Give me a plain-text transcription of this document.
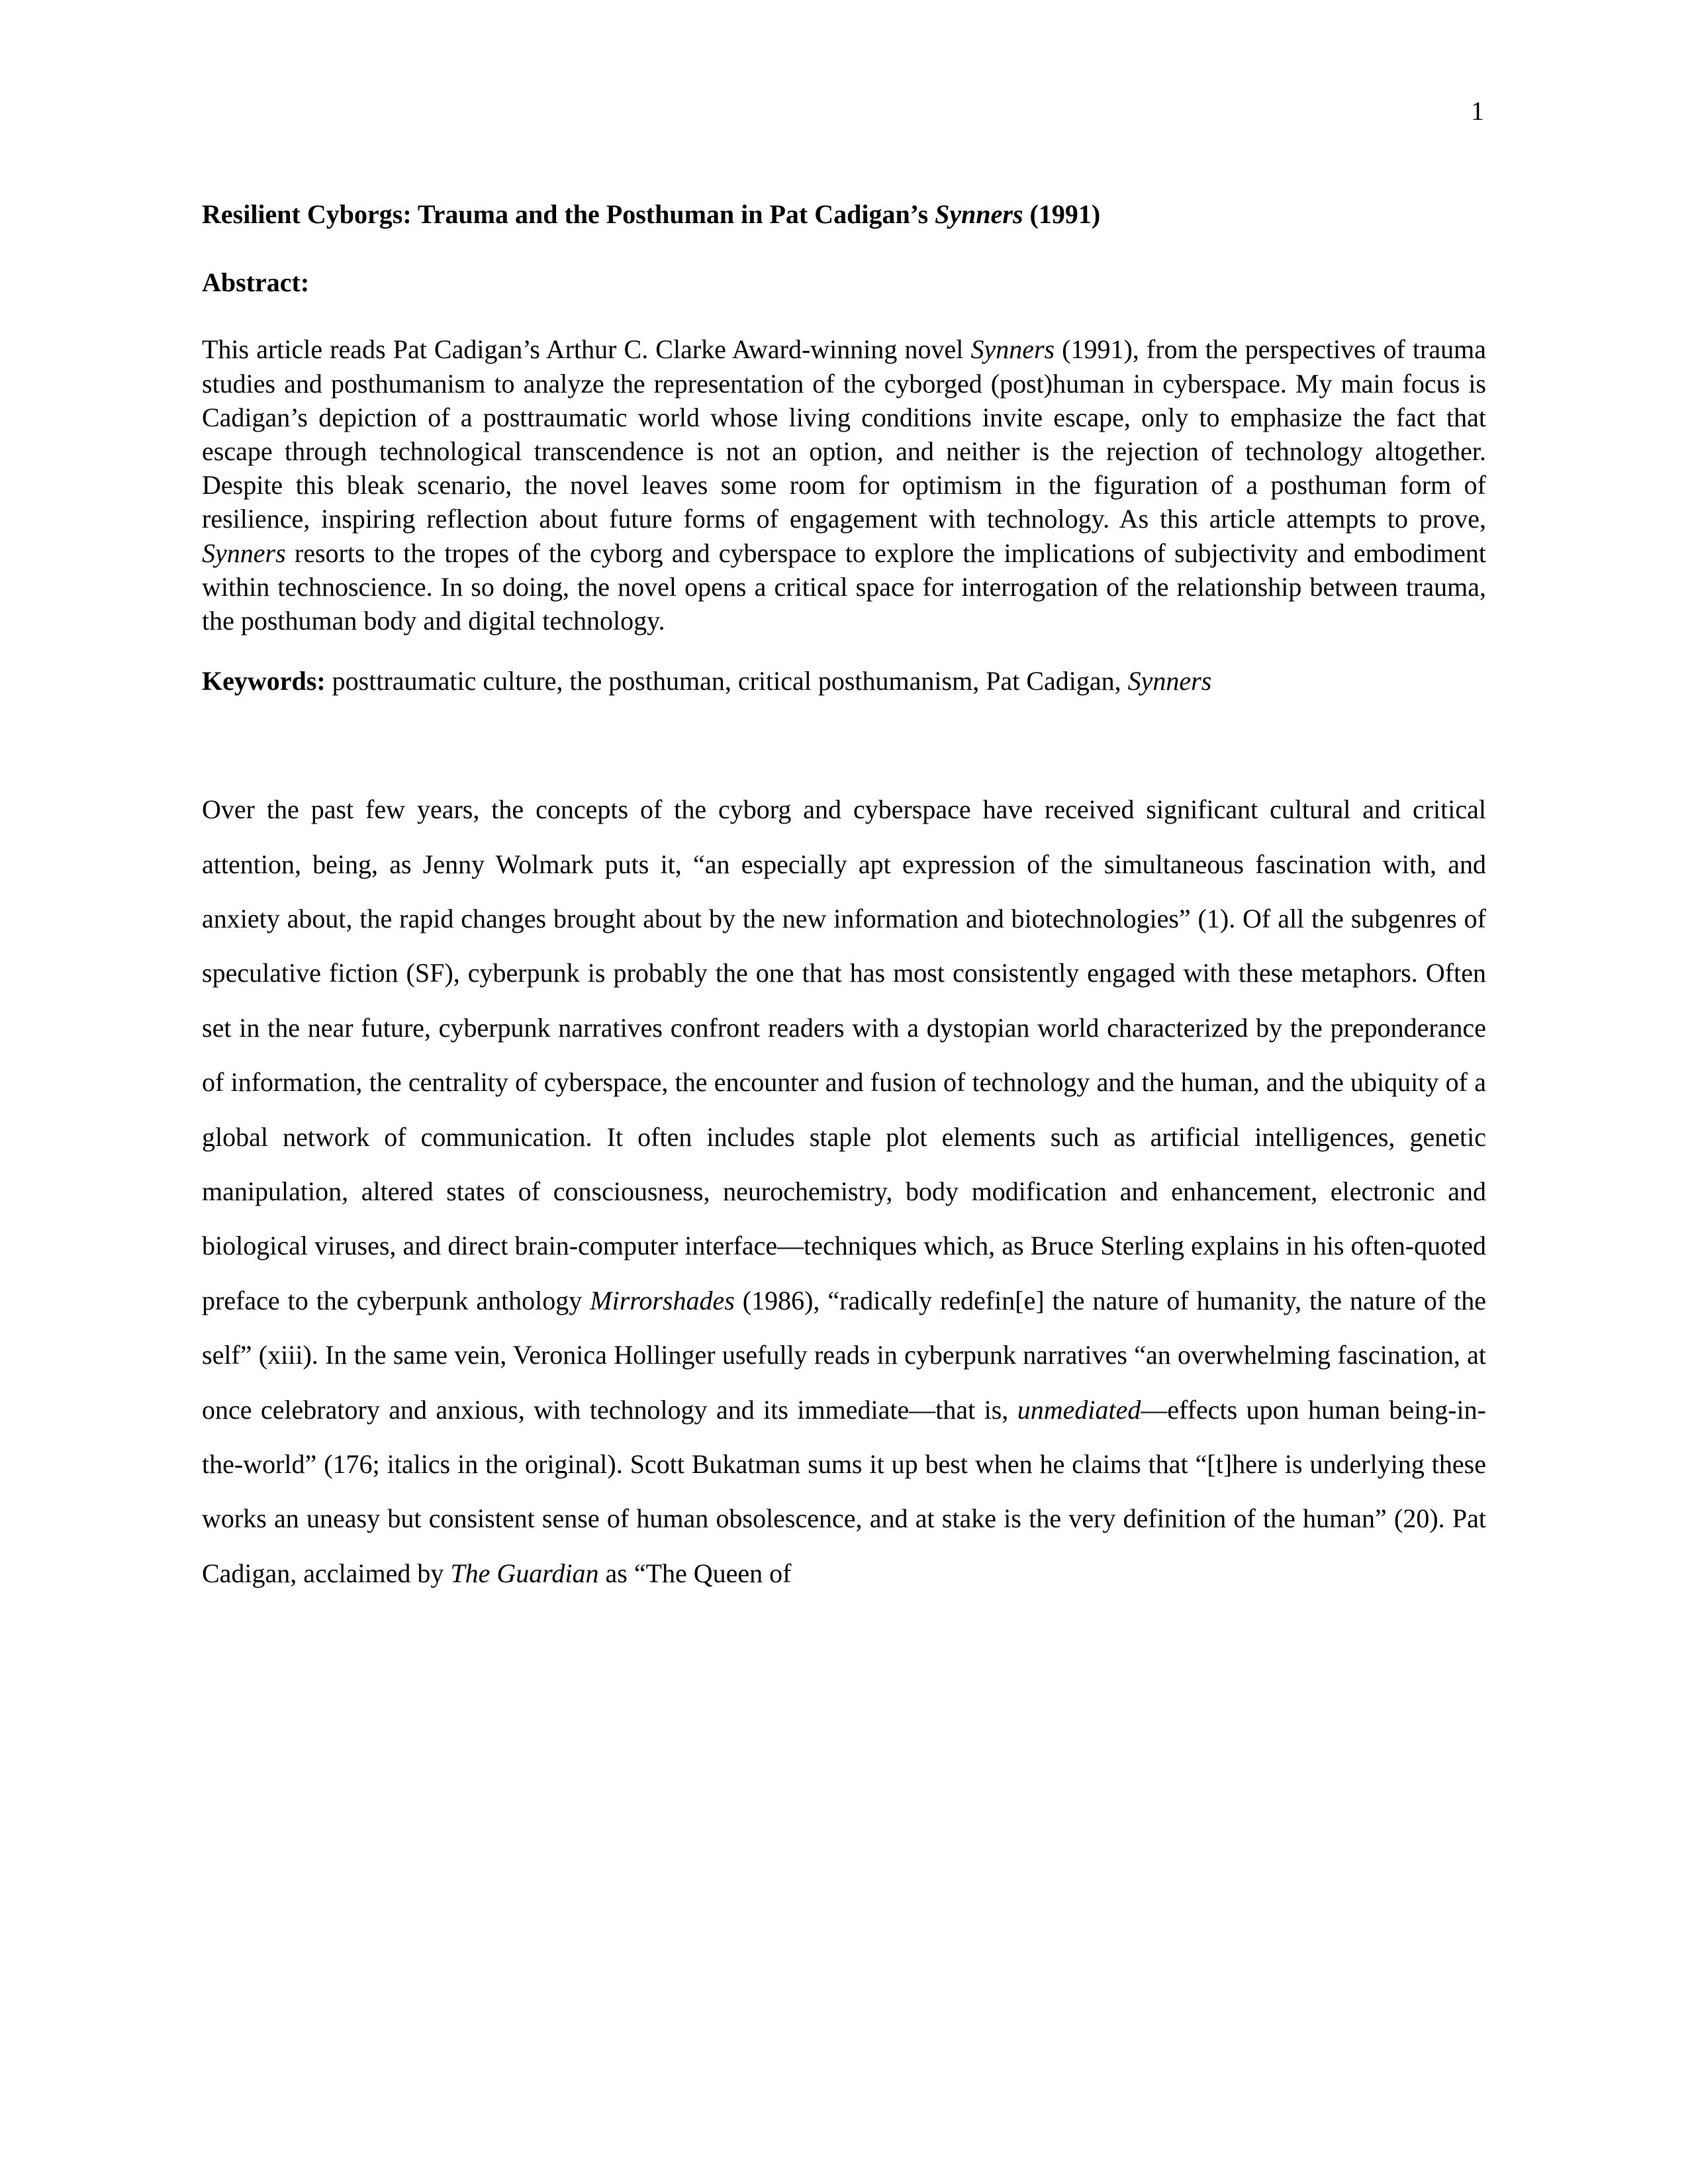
1
Resilient Cyborgs: Trauma and the Posthuman in Pat Cadigan’s Synners (1991)
Abstract:

This article reads Pat Cadigan’s Arthur C. Clarke Award-winning novel Synners (1991), from the perspectives of trauma studies and posthumanism to analyze the representation of the cyborged (post)human in cyberspace. My main focus is Cadigan’s depiction of a posttraumatic world whose living conditions invite escape, only to emphasize the fact that escape through technological transcendence is not an option, and neither is the rejection of technology altogether. Despite this bleak scenario, the novel leaves some room for optimism in the figuration of a posthuman form of resilience, inspiring reflection about future forms of engagement with technology. As this article attempts to prove, Synners resorts to the tropes of the cyborg and cyberspace to explore the implications of subjectivity and embodiment within technoscience. In so doing, the novel opens a critical space for interrogation of the relationship between trauma, the posthuman body and digital technology.

Keywords: posttraumatic culture, the posthuman, critical posthumanism, Pat Cadigan, Synners

Over the past few years, the concepts of the cyborg and cyberspace have received significant cultural and critical attention, being, as Jenny Wolmark puts it, “an especially apt expression of the simultaneous fascination with, and anxiety about, the rapid changes brought about by the new information and biotechnologies” (1). Of all the subgenres of speculative fiction (SF), cyberpunk is probably the one that has most consistently engaged with these metaphors. Often set in the near future, cyberpunk narratives confront readers with a dystopian world characterized by the preponderance of information, the centrality of cyberspace, the encounter and fusion of technology and the human, and the ubiquity of a global network of communication. It often includes staple plot elements such as artificial intelligences, genetic manipulation, altered states of consciousness, neurochemistry, body modification and enhancement, electronic and biological viruses, and direct brain-computer interface—techniques which, as Bruce Sterling explains in his often-quoted preface to the cyberpunk anthology Mirrorshades (1986), “radically redefin[e] the nature of humanity, the nature of the self” (xiii). In the same vein, Veronica Hollinger usefully reads in cyberpunk narratives “an overwhelming fascination, at once celebratory and anxious, with technology and its immediate—that is, unmediated—effects upon human being-in-the-world” (176; italics in the original). Scott Bukatman sums it up best when he claims that “[t]here is underlying these works an uneasy but consistent sense of human obsolescence, and at stake is the very definition of the human” (20). Pat Cadigan, acclaimed by The Guardian as “The Queen of
